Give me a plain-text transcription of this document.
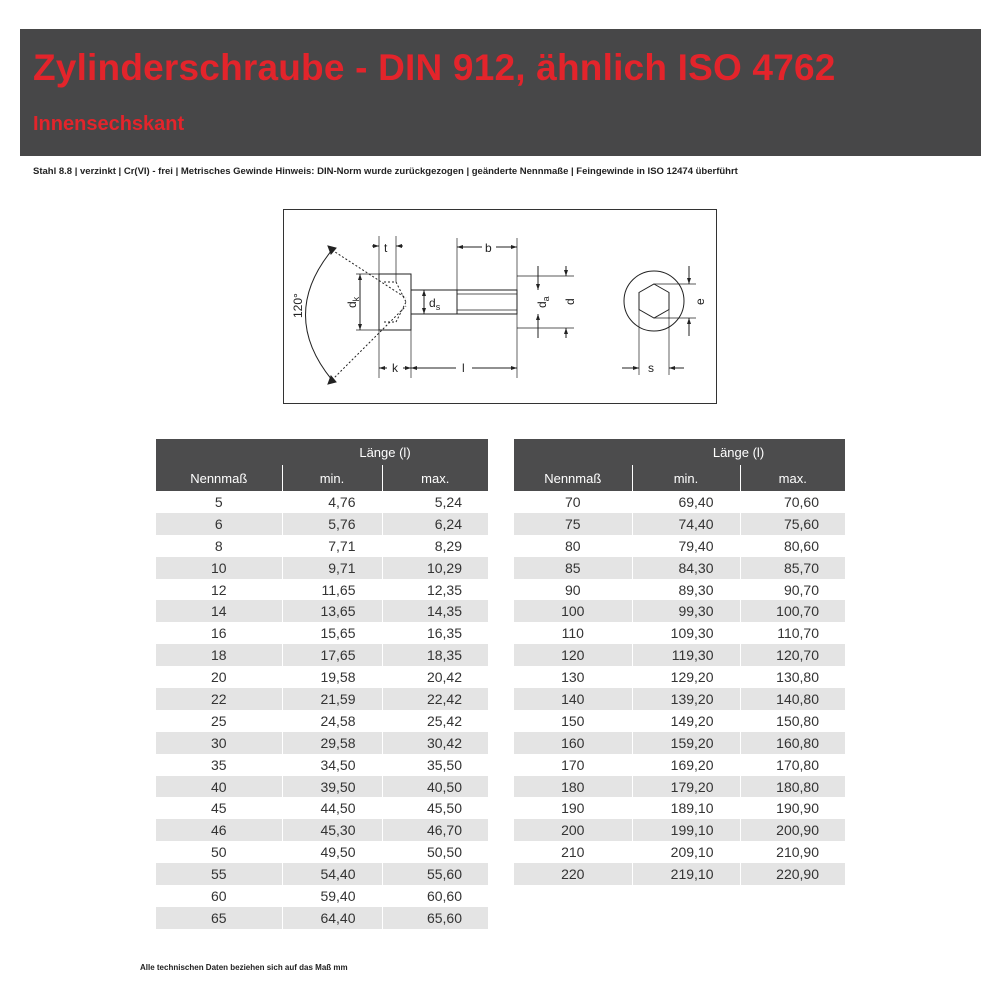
Zylinderschraube - DIN 912, ähnlich ISO 4762
Innensechskant
Stahl 8.8 | verzinkt | Cr(VI) - frei | Metrisches Gewinde Hinweis: DIN-Norm wurde zurückgezogen | geänderte Nennmaße | Feingewinde in ISO 12474 überführt
120°
t	b
$d_k$	$d_s$	$d_a$ d	e
k	l	s
	Länge (l)	
Nennmaß	min.	max.
5	4,76	5,24
6	5,76	6,24
8	7,71	8,29
10	9,71	10,29
12	11,65	12,35
14	13,65	14,35
16	15,65	16,35
18	17,65	18,35
20	19,58	20,42
22	21,59	22,42
25	24,58	25,42
30	29,58	30,42
35	34,50	35,50
40	39,50	40,50
45	44,50	45,50
46	45,30	46,70
50	49,50	50,50
55	54,40	55,60
60	59,40	60,60
65	64,40	65,60
	Länge (l)	
Nennmaß	min.	max.
70	69,40	70,60
75	74,40	75,60
80	79,40	80,60
85	84,30	85,70
90	89,30	90,70
100	99,30	100,70
110	109,30	110,70
120	119,30	120,70
130	129,20	130,80
140	139,20	140,80
150	149,20	150,80
160	159,20	160,80
170	169,20	170,80
180	179,20	180,80
190	189,10	190,90
200	199,10	200,90
210	209,10	210,90
220	219,10	220,90
Alle technischen Daten beziehen sich auf das Maß mm
